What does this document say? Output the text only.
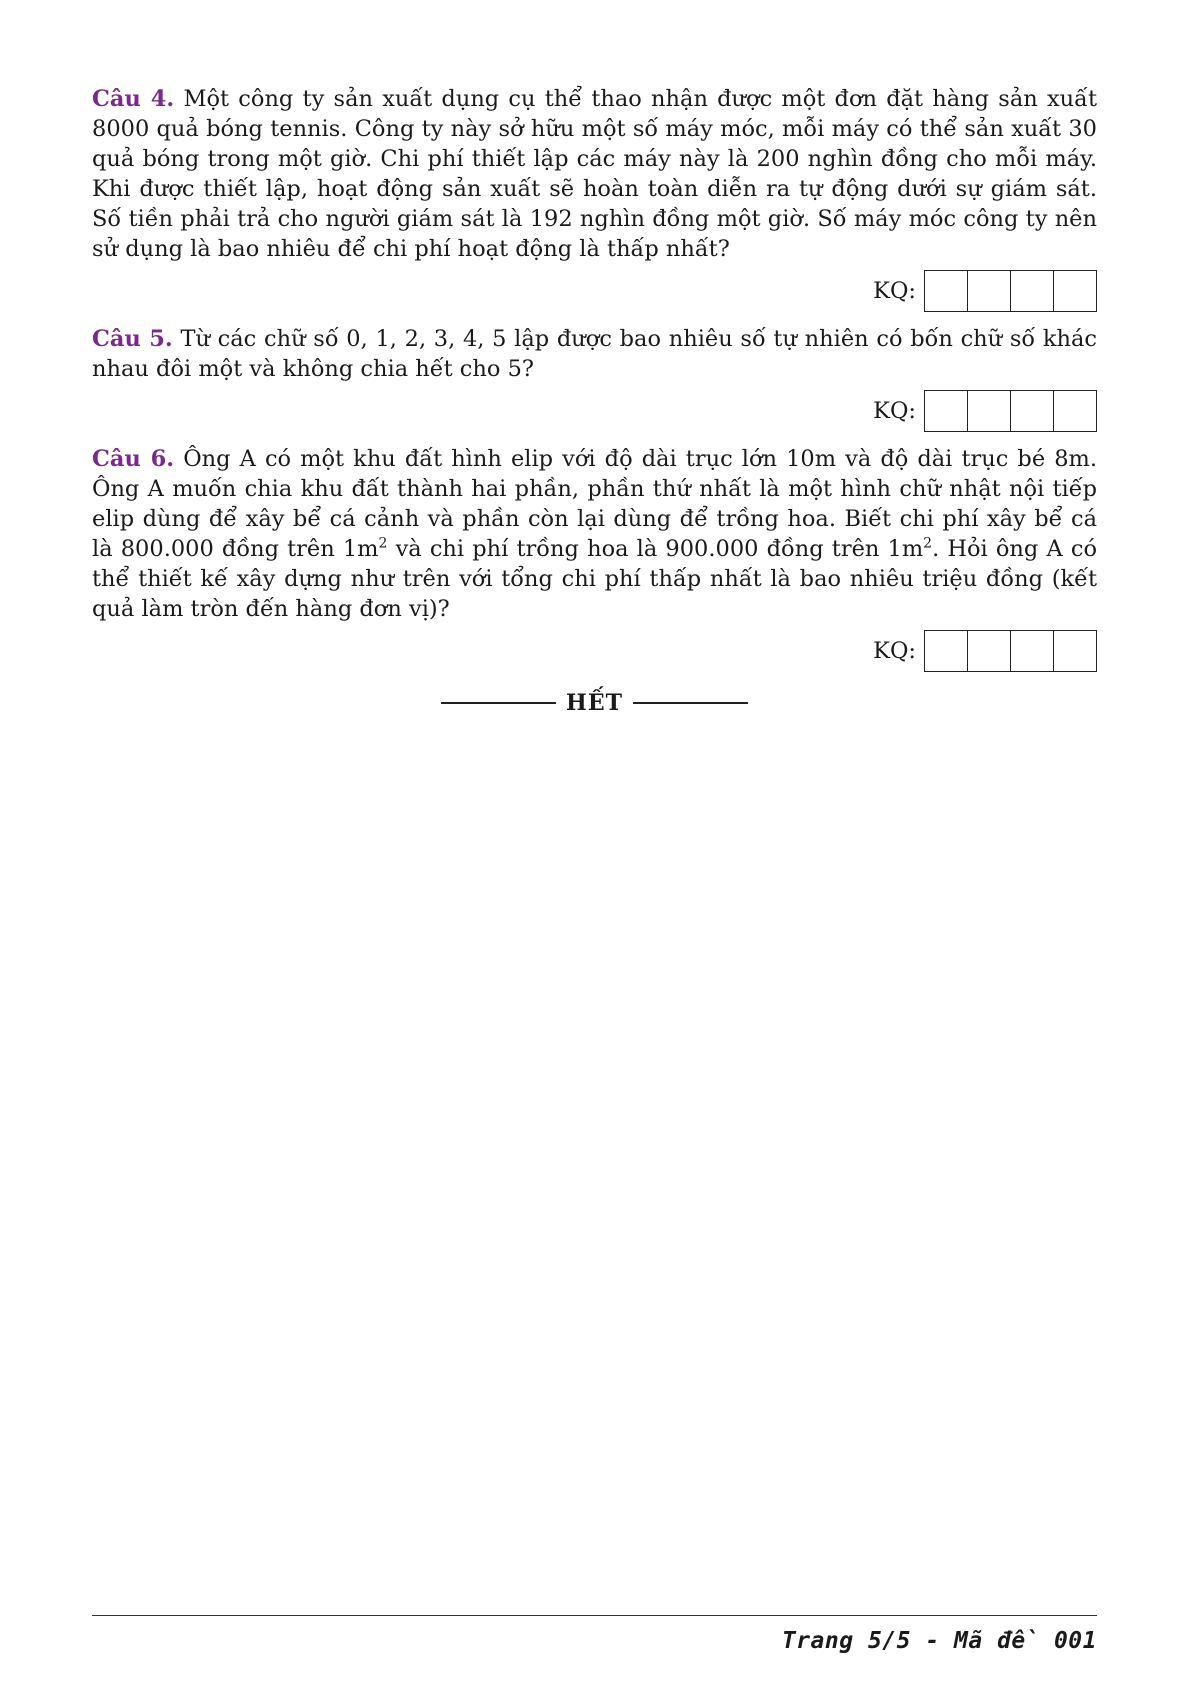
Câu 4. Một công ty sản xuất dụng cụ thể thao nhận được một đơn đặt hàng sản xuất 8000 quả bóng tennis. Công ty này sở hữu một số máy móc, mỗi máy có thể sản xuất 30 quả bóng trong một giờ. Chi phí thiết lập các máy này là 200 nghìn đồng cho mỗi máy. Khi được thiết lập, hoạt động sản xuất sẽ hoàn toàn diễn ra tự động dưới sự giám sát. Số tiền phải trả cho người giám sát là 192 nghìn đồng một giờ. Số máy móc công ty nên sử dụng là bao nhiêu để chi phí hoạt động là thấp nhất?

KQ:

Câu 5. Từ các chữ số 0, 1, 2, 3, 4, 5 lập được bao nhiêu số tự nhiên có bốn chữ số khác nhau đôi một và không chia hết cho 5?

KQ:

Câu 6. Ông A có một khu đất hình elip với độ dài trục lớn 10m và độ dài trục bé 8m. Ông A muốn chia khu đất thành hai phần, phần thứ nhất là một hình chữ nhật nội tiếp elip dùng để xây bể cá cảnh và phần còn lại dùng để trồng hoa. Biết chi phí xây bể cá là 800.000 đồng trên $1m^2$ và chi phí trồng hoa là 900.000 đồng trên $1m^2$. Hỏi ông A có thể thiết kế xây dựng như trên với tổng chi phí thấp nhất là bao nhiêu triệu đồng (kết quả làm tròn đến hàng đơn vị)?

KQ:
HẾT
Trang 5/5 - Mã đề 001
